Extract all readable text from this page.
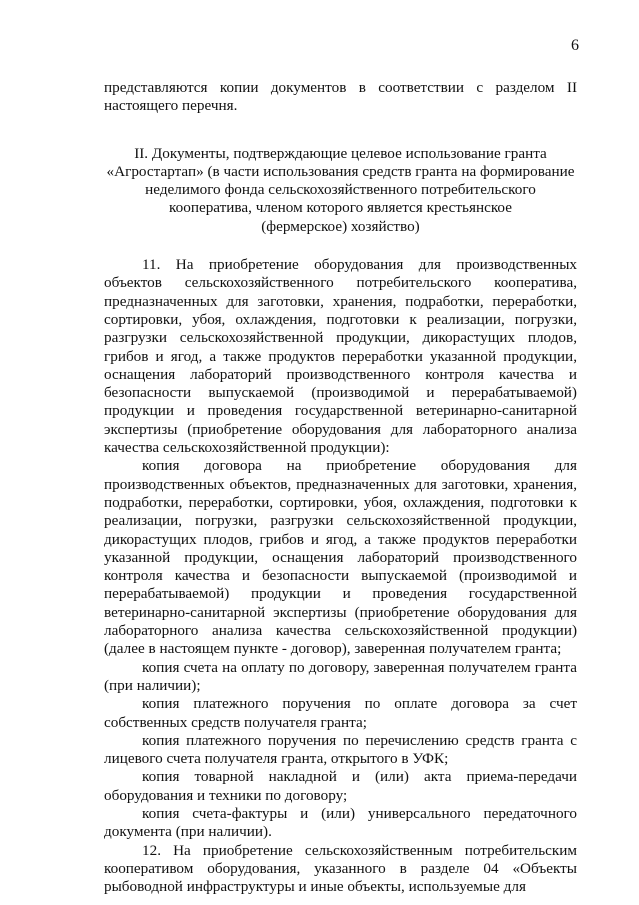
6

представляются копии документов в соответствии с разделом II настоящего перечня.

II. Документы, подтверждающие целевое использование гранта
«Агростартап» (в части использования средств гранта на формирование
неделимого фонда сельскохозяйственного потребительского
кооператива, членом которого является крестьянское
(фермерское) хозяйство)

11. На приобретение оборудования для производственных объектов сельскохозяйственного потребительского кооператива, предназначенных для заготовки, хранения, подработки, переработки, сортировки, убоя, охлаждения, подготовки к реализации, погрузки, разгрузки сельскохозяйственной продукции, дикорастущих плодов, грибов и ягод, а также продуктов переработки указанной продукции, оснащения лабораторий производственного контроля качества и безопасности выпускаемой (производимой и перерабатываемой) продукции и проведения государственной ветеринарно-санитарной экспертизы (приобретение оборудования для лабораторного анализа качества сельскохозяйственной продукции):

копия договора на приобретение оборудования для производственных объектов, предназначенных для заготовки, хранения, подработки, переработки, сортировки, убоя, охлаждения, подготовки к реализации, погрузки, разгрузки сельскохозяйственной продукции, дикорастущих плодов, грибов и ягод, а также продуктов переработки указанной продукции, оснащения лабораторий производственного контроля качества и безопасности выпускаемой (производимой и перерабатываемой) продукции и проведения государственной ветеринарно-санитарной экспертизы (приобретение оборудования для лабораторного анализа качества сельскохозяйственной продукции) (далее в настоящем пункте - договор), заверенная получателем гранта;

копия счета на оплату по договору, заверенная получателем гранта (при наличии);

копия платежного поручения по оплате договора за счет собственных средств получателя гранта;

копия платежного поручения по перечислению средств гранта с лицевого счета получателя гранта, открытого в УФК;

копия товарной накладной и (или) акта приема-передачи оборудования и техники по договору;

копия счета-фактуры и (или) универсального передаточного документа (при наличии).

12. На приобретение сельскохозяйственным потребительским кооперативом оборудования, указанного в разделе 04 «Объекты рыбоводной инфраструктуры и иные объекты, используемые для
